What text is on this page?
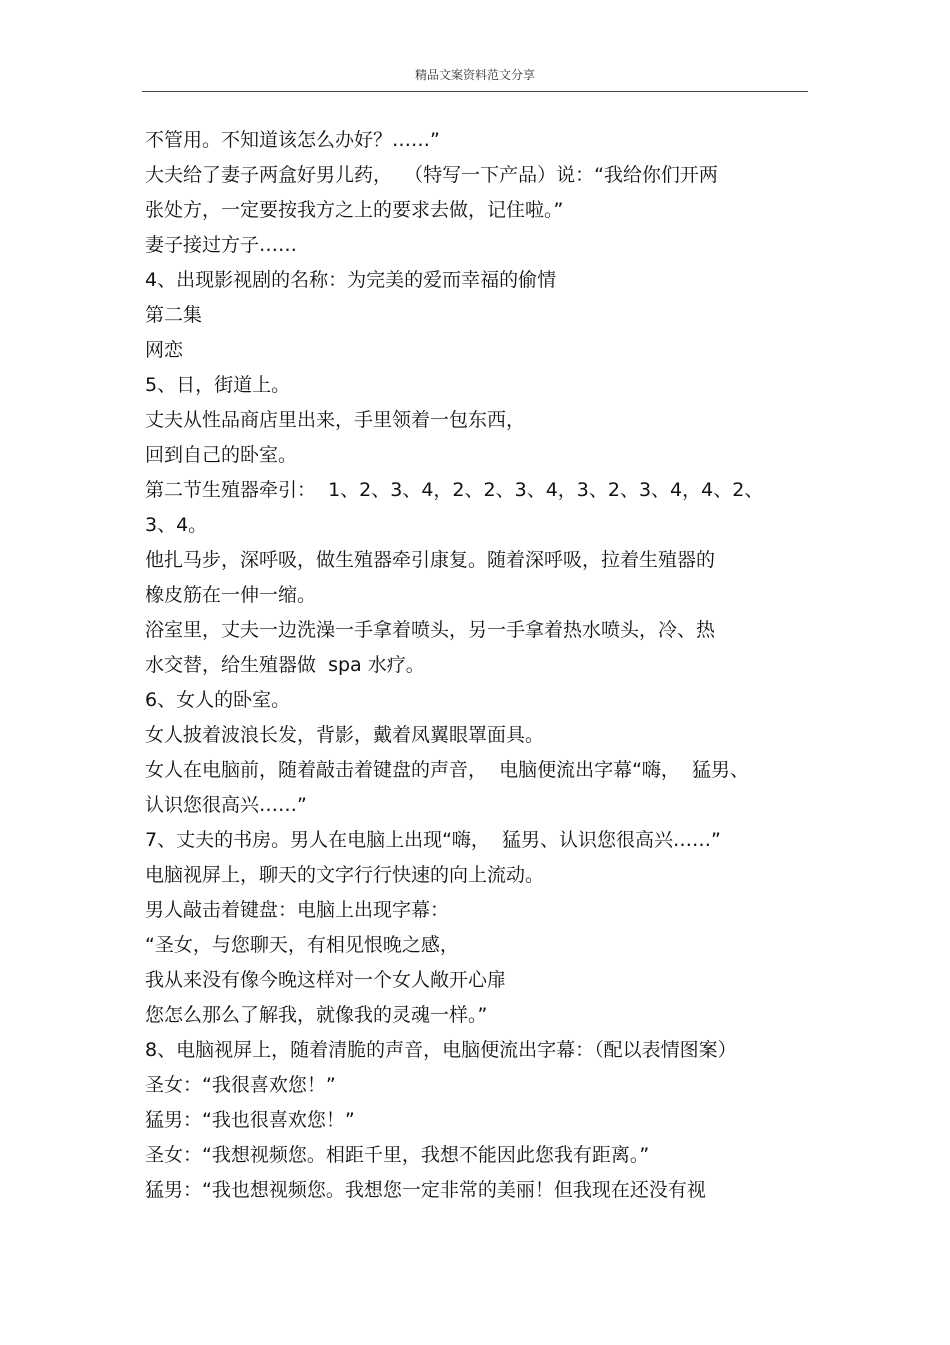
精品文案资料范文分享
不管用。不知道该怎么办好？……”
大夫给了妻子两盒好男儿药，  （特写一下产品）说：“我给你们开两
张处方，一定要按我方之上的要求去做，记住啦。”
妻子接过方子……
4、出现影视剧的名称：为完美的爱而幸福的偷情
第二集
网恋
5、日，街道上。
丈夫从性品商店里出来，手里领着一包东西，
回到自己的卧室。
第二节生殖器牵引：  1、2、3、4，2、2、3、4，3、2、3、4，4、2、
3、4。
他扎马步，深呼吸，做生殖器牵引康复。随着深呼吸，拉着生殖器的
橡皮筋在一伸一缩。
浴室里，丈夫一边洗澡一手拿着喷头，另一手拿着热水喷头，冷、热
水交替，给生殖器做  spa 水疗。
6、女人的卧室。
女人披着波浪长发，背影，戴着凤翼眼罩面具。
女人在电脑前，随着敲击着键盘的声音，  电脑便流出字幕“嗨，  猛男、
认识您很高兴……”
7、丈夫的书房。男人在电脑上出现“嗨，  猛男、认识您很高兴……”
电脑视屏上，聊天的文字行行快速的向上流动。
男人敲击着键盘：电脑上出现字幕：
“圣女，与您聊天，有相见恨晚之感，
我从来没有像今晚这样对一个女人敞开心扉
您怎么那么了解我，就像我的灵魂一样。”
8、电脑视屏上，随着清脆的声音，电脑便流出字幕：（配以表情图案）
圣女：“我很喜欢您！”
猛男：“我也很喜欢您！”
圣女：“我想视频您。相距千里，我想不能因此您我有距离。”
猛男：“我也想视频您。我想您一定非常的美丽！但我现在还没有视
